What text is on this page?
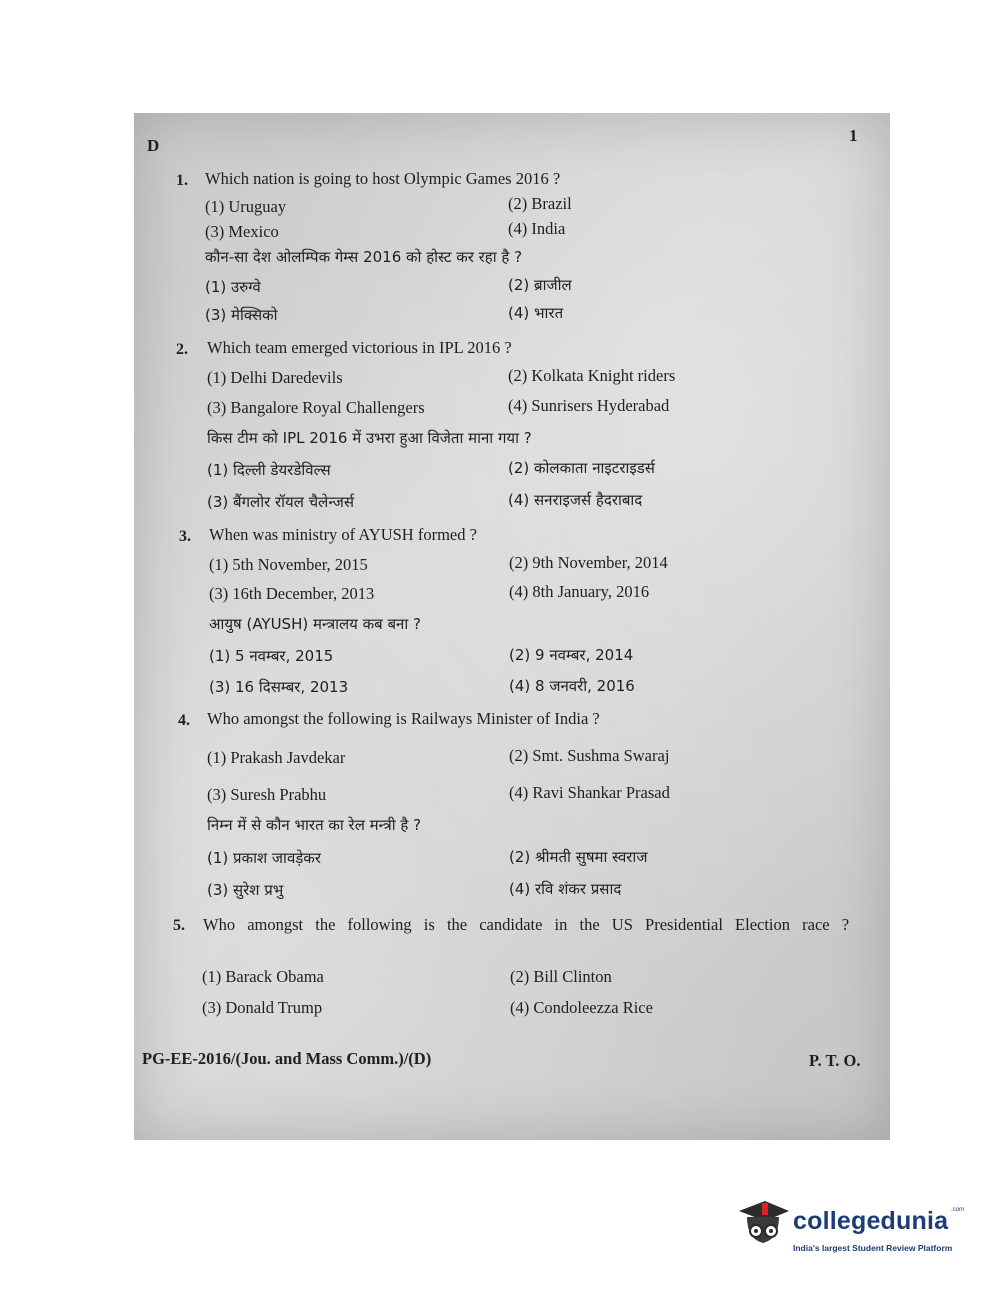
D
1
1. Which nation is going to host Olympic Games 2016 ?
(1) Uruguay	(2) Brazil
(3) Mexico	(4) India
कौन-सा देश ओलम्पिक गेम्स 2016 को होस्ट कर रहा है ?
(1) उरुग्वे	(2) ब्राजील
(3) मेक्सिको	(4) भारत
2. Which team emerged victorious in IPL 2016 ?
(1) Delhi Daredevils	(2) Kolkata Knight riders
(3) Bangalore Royal Challengers	(4) Sunrisers Hyderabad
किस टीम को IPL 2016 में उभरा हुआ विजेता माना गया ?
(1) दिल्ली डेयरडेविल्स	(2) कोलकाता नाइटराइडर्स
(3) बैंगलोर रॉयल चैलेन्जर्स	(4) सनराइजर्स हैदराबाद
3. When was ministry of AYUSH formed ?
(1) 5th November, 2015	(2) 9th November, 2014
(3) 16th December, 2013	(4) 8th January, 2016
आयुष (AYUSH) मन्त्रालय कब बना ?
(1) 5 नवम्बर, 2015	(2) 9 नवम्बर, 2014
(3) 16 दिसम्बर, 2013	(4) 8 जनवरी, 2016
4. Who amongst the following is Railways Minister of India ?
(1) Prakash Javdekar	(2) Smt. Sushma Swaraj
(3) Suresh Prabhu	(4) Ravi Shankar Prasad
निम्न में से कौन भारत का रेल मन्त्री है ?
(1) प्रकाश जावड़ेकर	(2) श्रीमती सुषमा स्वराज
(3) सुरेश प्रभु	(4) रवि शंकर प्रसाद
5. Who amongst the following is the candidate in the US Presidential Election race ?
(1) Barack Obama	(2) Bill Clinton
(3) Donald Trump	(4) Condoleezza Rice
PG-EE-2016/(Jou. and Mass Comm.)/(D)	P. T. O.
collegedunia .com
India's largest Student Review Platform
